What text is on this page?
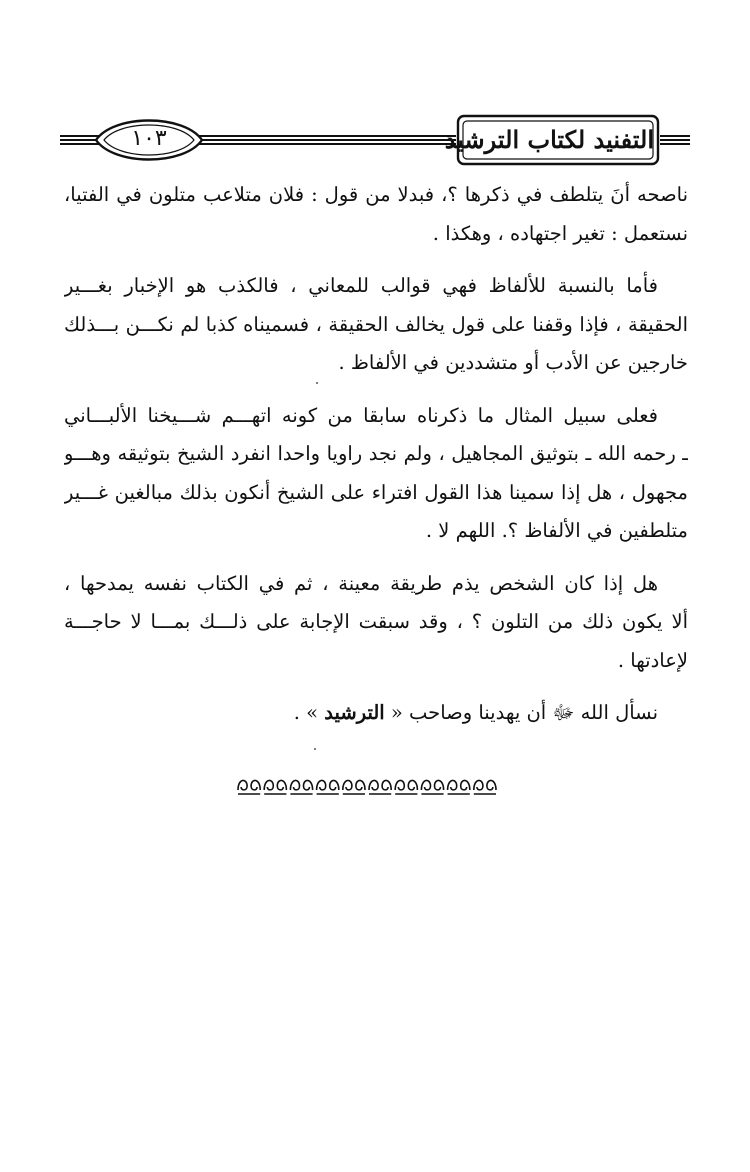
التفنيد لكتاب الترشيد
١٠٣

ناصحه أنَ يتلطف في ذكرها ؟، فبدلا من قول : فلان متلاعب متلون في الفتيا،
نستعمل : تغير اجتهاده ، وهكذا .

فأما بالنسبة للألفاظ فهي قوالب للمعاني ، فالكذب هو الإخبار بغـــير
الحقيقة ، فإذا وقفنا على قول يخالف الحقيقة ، فسميناه كذبا لم نكـــن بـــذلك
خارجين عن الأدب أو متشددين في الألفاظ .

فعلى سبيل المثال ما ذكرناه سابقا من كونه اتهـــم شـــيخنا الألبـــاني
ـ رحمه الله ـ بتوثيق المجاهيل ، ولم نجد راويا واحدا انفرد الشيخ بتوثيقه وهـــو
مجهول ، هل إذا سمينا هذا القول افتراء على الشيخ أنكون بذلك مبالغين غـــير
متلطفين في الألفاظ ؟. اللهم لا .

هل إذا كان الشخص يذم طريقة معينة ، ثم في الكتاب نفسه يمدحها ،
ألا يكون ذلك من التلون ؟ ، وقد سبقت الإجابة على ذلـــك بمـــا لا حاجـــة
لإعادتها .

نسأل الله ﷻ أن يهدينا وصاحب « الترشيد » .
